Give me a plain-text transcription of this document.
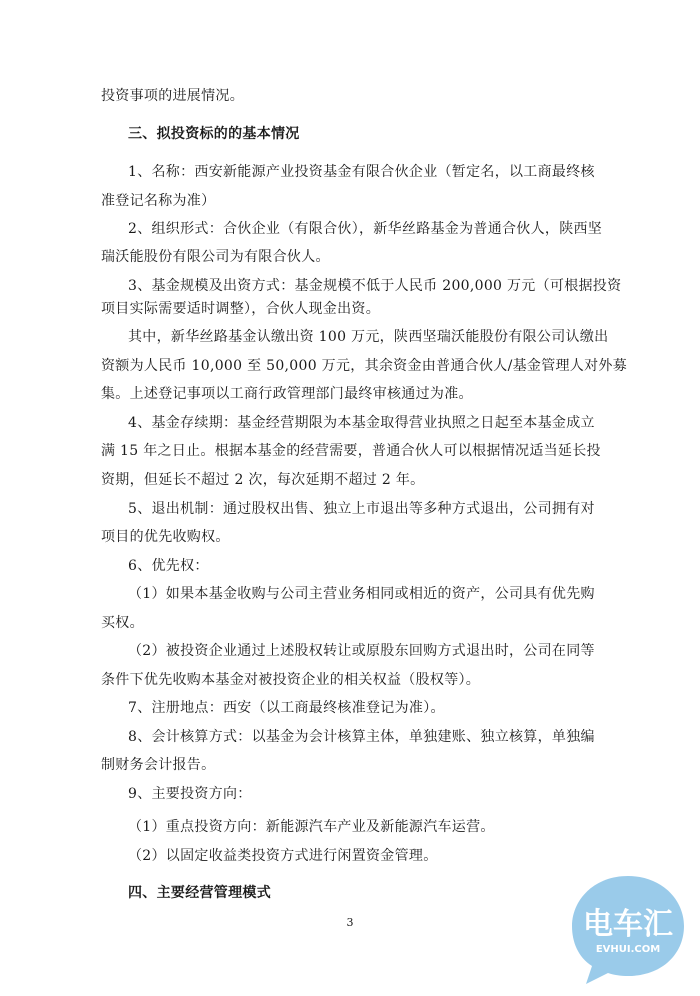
投资事项的进展情况。
三、拟投资标的的基本情况
1、名称：西安新能源产业投资基金有限合伙企业（暂定名，以工商最终核
准登记名称为准）
2、组织形式：合伙企业（有限合伙），新华丝路基金为普通合伙人，陕西坚
瑞沃能股份有限公司为有限合伙人。
3、基金规模及出资方式：基金规模不低于人民币 200,000 万元（可根据投资
项目实际需要适时调整），合伙人现金出资。
其中，新华丝路基金认缴出资 100 万元，陕西坚瑞沃能股份有限公司认缴出
资额为人民币 10,000 至 50,000 万元，其余资金由普通合伙人/基金管理人对外募
集。上述登记事项以工商行政管理部门最终审核通过为准。
4、基金存续期：基金经营期限为本基金取得营业执照之日起至本基金成立
满 15 年之日止。根据本基金的经营需要，普通合伙人可以根据情况适当延长投
资期，但延长不超过 2 次，每次延期不超过 2 年。
5、退出机制：通过股权出售、独立上市退出等多种方式退出，公司拥有对
项目的优先收购权。
6、优先权：
（1）如果本基金收购与公司主营业务相同或相近的资产，公司具有优先购
买权。
（2）被投资企业通过上述股权转让或原股东回购方式退出时，公司在同等
条件下优先收购本基金对被投资企业的相关权益（股权等）。
7、注册地点：西安（以工商最终核准登记为准）。
8、会计核算方式：以基金为会计核算主体，单独建账、独立核算，单独编
制财务会计报告。
9、主要投资方向：
（1）重点投资方向：新能源汽车产业及新能源汽车运营。
（2）以固定收益类投资方式进行闲置资金管理。
四、主要经营管理模式
3	电车汇
EVHUI.COM
